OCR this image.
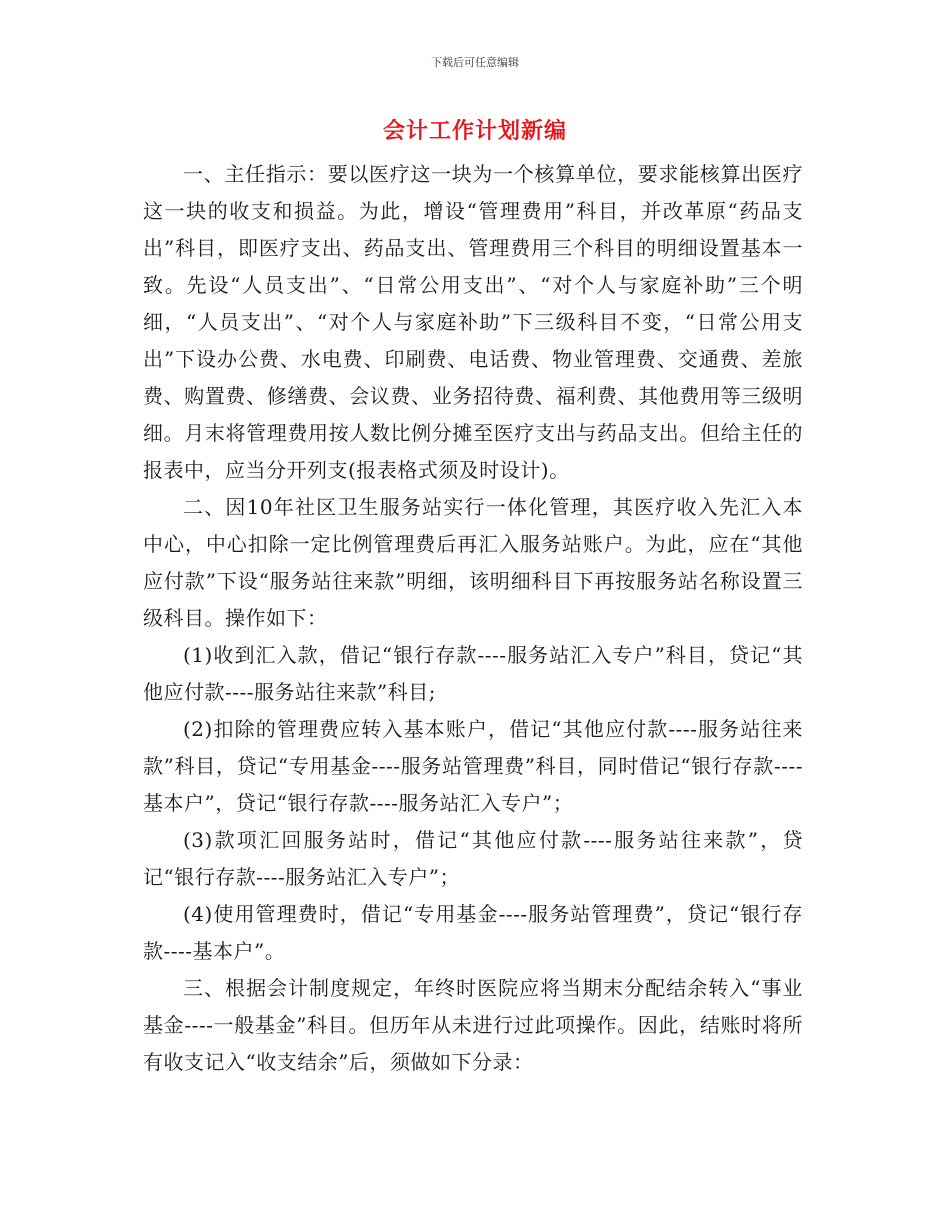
下载后可任意编辑
会计工作计划新编

一、主任指示：要以医疗这一块为一个核算单位，要求能核算出医疗这一块的收支和损益。为此，增设“管理费用”科目，并改革原“药品支出”科目，即医疗支出、药品支出、管理费用三个科目的明细设置基本一致。先设“人员支出”、“日常公用支出”、“对个人与家庭补助”三个明细，“人员支出”、“对个人与家庭补助”下三级科目不变，“日常公用支出”下设办公费、水电费、印刷费、电话费、物业管理费、交通费、差旅费、购置费、修缮费、会议费、业务招待费、福利费、其他费用等三级明细。月末将管理费用按人数比例分摊至医疗支出与药品支出。但给主任的报表中，应当分开列支(报表格式须及时设计)。

二、因10年社区卫生服务站实行一体化管理，其医疗收入先汇入本中心，中心扣除一定比例管理费后再汇入服务站账户。为此，应在“其他应付款”下设“服务站往来款”明细，该明细科目下再按服务站名称设置三级科目。操作如下：

(1)收到汇入款，借记“银行存款----服务站汇入专户”科目，贷记“其他应付款----服务站往来款”科目;

(2)扣除的管理费应转入基本账户，借记“其他应付款----服务站往来款”科目，贷记“专用基金----服务站管理费”科目，同时借记“银行存款----基本户”，贷记“银行存款----服务站汇入专户”；

(3)款项汇回服务站时，借记“其他应付款----服务站往来款”，贷记“银行存款----服务站汇入专户”；

(4)使用管理费时，借记“专用基金----服务站管理费”，贷记“银行存款----基本户”。

三、根据会计制度规定，年终时医院应将当期末分配结余转入“事业基金----一般基金”科目。但历年从未进行过此项操作。因此，结账时将所有收支记入“收支结余”后，须做如下分录：
